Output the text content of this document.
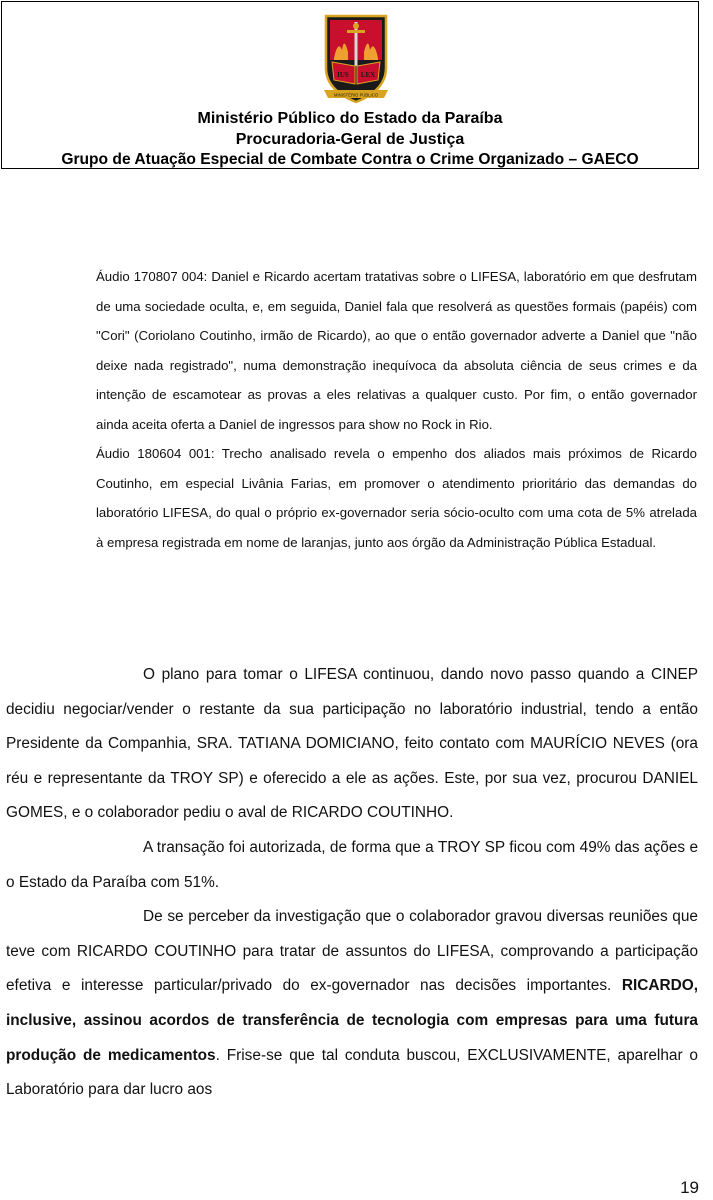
IUS LEX
MINISTÉRIO PÚBLICO
Ministério Público do Estado da Paraíba
Procuradoria-Geral de Justiça
Grupo de Atuação Especial de Combate Contra o Crime Organizado – GAECO

Áudio 170807 004: Daniel e Ricardo acertam tratativas sobre o LIFESA, laboratório em que desfrutam de uma sociedade oculta, e, em seguida, Daniel fala que resolverá as questões formais (papéis) com "Cori" (Coriolano Coutinho, irmão de Ricardo), ao que o então governador adverte a Daniel que "não deixe nada registrado", numa demonstração inequívoca da absoluta ciência de seus crimes e da intenção de escamotear as provas a eles relativas a qualquer custo. Por fim, o então governador ainda aceita oferta a Daniel de ingressos para show no Rock in Rio.

Áudio 180604 001: Trecho analisado revela o empenho dos aliados mais próximos de Ricardo Coutinho, em especial Livânia Farias, em promover o atendimento prioritário das demandas do laboratório LIFESA, do qual o próprio ex-governador seria sócio-oculto com uma cota de 5% atrelada à empresa registrada em nome de laranjas, junto aos órgão da Administração Pública Estadual.

O plano para tomar o LIFESA continuou, dando novo passo quando a CINEP decidiu negociar/vender o restante da sua participação no laboratório industrial, tendo a então Presidente da Companhia, SRA. TATIANA DOMICIANO, feito contato com MAURÍCIO NEVES (ora réu e representante da TROY SP) e oferecido a ele as ações. Este, por sua vez, procurou DANIEL GOMES, e o colaborador pediu o aval de RICARDO COUTINHO.

A transação foi autorizada, de forma que a TROY SP ficou com 49% das ações e o Estado da Paraíba com 51%.

De se perceber da investigação que o colaborador gravou diversas reuniões que teve com RICARDO COUTINHO para tratar de assuntos do LIFESA, comprovando a participação efetiva e interesse particular/privado do ex-governador nas decisões importantes. RICARDO, inclusive, assinou acordos de transferência de tecnologia com empresas para uma futura produção de medicamentos. Frise-se que tal conduta buscou, EXCLUSIVAMENTE, aparelhar o Laboratório para dar lucro aos

19
